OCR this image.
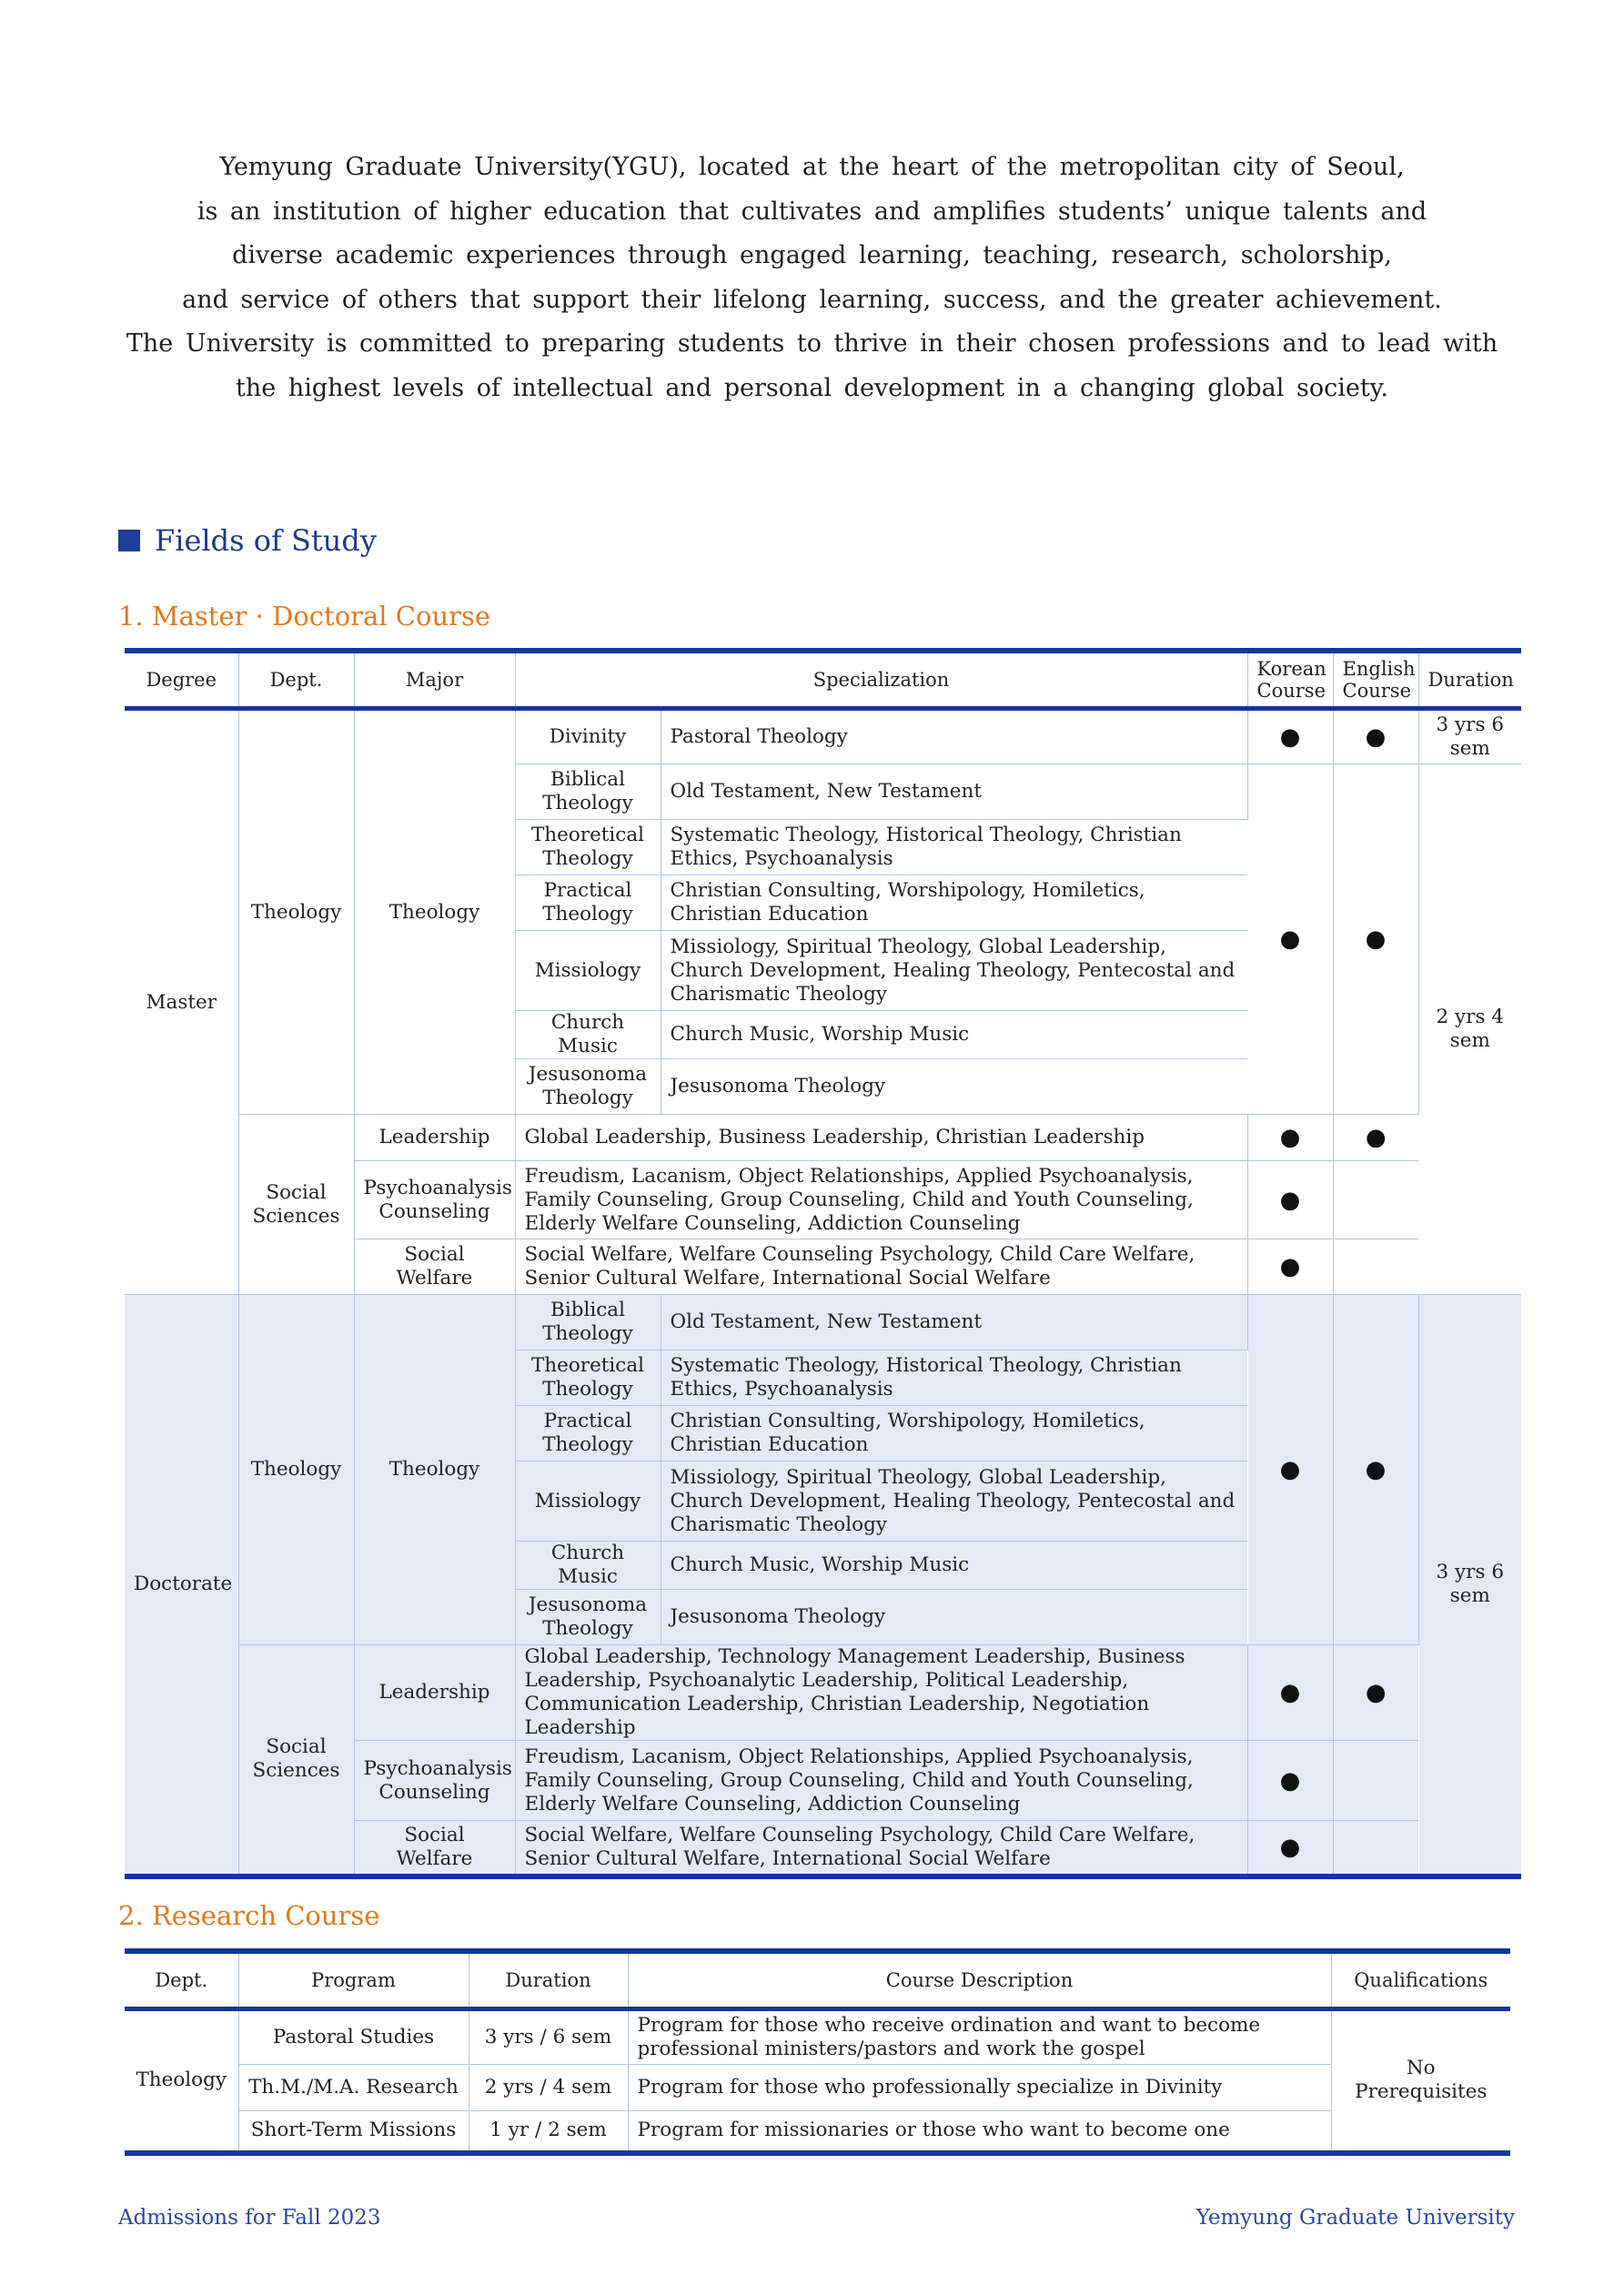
Yemyung Graduate University(YGU), located at the heart of the metropolitan city of Seoul,
is an institution of higher education that cultivates and amplifies students’ unique talents and
diverse academic experiences through engaged learning, teaching, research, scholorship,
and service of others that support their lifelong learning, success, and the greater achievement.
The University is committed to preparing students to thrive in their chosen professions and to lead with
the highest levels of intellectual and personal development in a changing global society.
Fields of Study
1. Master · Doctoral Course
Degree	Dept.	Major	Specialization		Korean Course	English Course	Duration
Master	Theology	Theology	Divinity	Pastoral Theology	●	●	3 yrs 6 sem
			Biblical Theology	Old Testament, New Testament	●	●	2 yrs 4 sem
			Theoretical Theology	Systematic Theology, Historical Theology, Christian Ethics, Psychoanalysis			
			Practical Theology	Christian Consulting, Worshipology, Homiletics, Christian Education			
			Missiology	Missiology, Spiritual Theology, Global Leadership, Church Development, Healing Theology, Pentecostal and Charismatic Theology			
			Church Music	Church Music, Worship Music			
			Jesusonoma Theology	Jesusonoma Theology			
	Social Sciences	Leadership	Global Leadership, Business Leadership, Christian Leadership		●	●	
		Psychoanalysis Counseling	Freudism, Lacanism, Object Relationships, Applied Psychoanalysis, Family Counseling, Group Counseling, Child and Youth Counseling, Elderly Welfare Counseling, Addiction Counseling		●		
		Social Welfare	Social Welfare, Welfare Counseling Psychology, Child Care Welfare, Senior Cultural Welfare, International Social Welfare		●		
Doctorate	Theology	Theology	Biblical Theology	Old Testament, New Testament	●	●	3 yrs 6 sem
			Theoretical Theology	Systematic Theology, Historical Theology, Christian Ethics, Psychoanalysis			
			Practical Theology	Christian Consulting, Worshipology, Homiletics, Christian Education			
			Missiology	Missiology, Spiritual Theology, Global Leadership, Church Development, Healing Theology, Pentecostal and Charismatic Theology			
			Church Music	Church Music, Worship Music			
			Jesusonoma Theology	Jesusonoma Theology			
	Social Sciences	Leadership	Global Leadership, Technology Management Leadership, Business Leadership, Psychoanalytic Leadership, Political Leadership, Communication Leadership, Christian Leadership, Negotiation Leadership		●	●	
		Psychoanalysis Counseling	Freudism, Lacanism, Object Relationships, Applied Psychoanalysis, Family Counseling, Group Counseling, Child and Youth Counseling, Elderly Welfare Counseling, Addiction Counseling		●		
		Social Welfare	Social Welfare, Welfare Counseling Psychology, Child Care Welfare, Senior Cultural Welfare, International Social Welfare		●		
2. Research Course
Dept.	Program	Duration	Course Description	Qualifications
Theology	Pastoral Studies	3 yrs / 6 sem	Program for those who receive ordination and want to become professional ministers/pastors and work the gospel	No Prerequisites
	Th.M./M.A. Research	2 yrs / 4 sem	Program for those who professionally specialize in Divinity	
	Short-Term Missions	1 yr / 2 sem	Program for missionaries or those who want to become one	
Admissions for Fall 2023	Yemyung Graduate University
